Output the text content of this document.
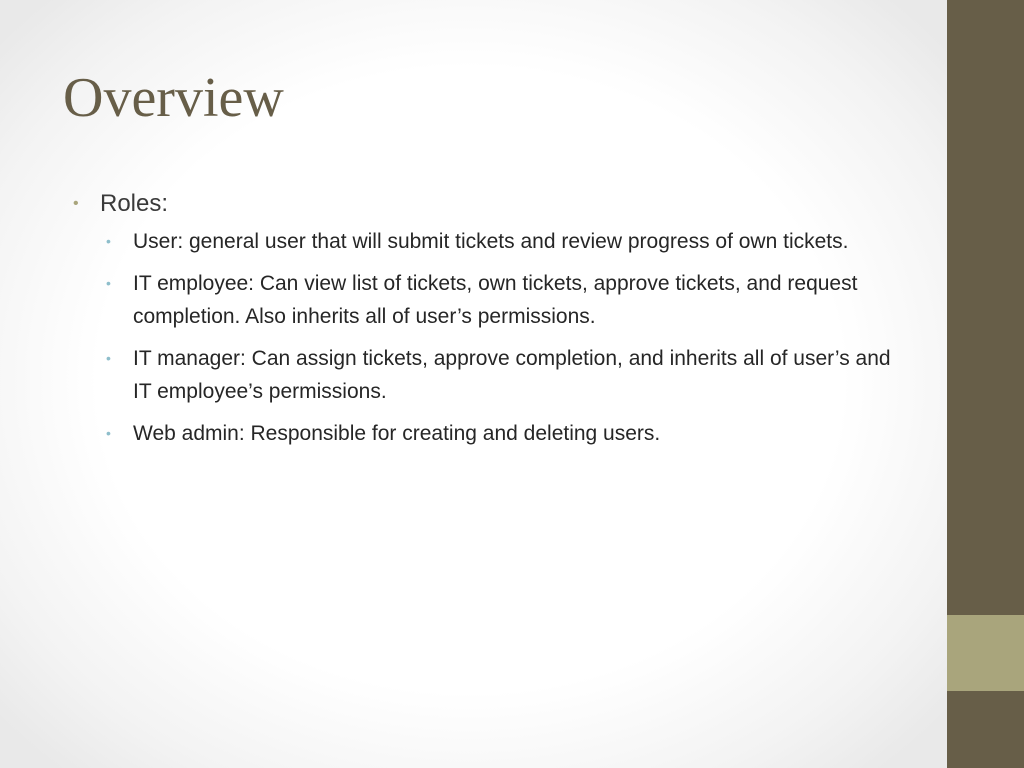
Overview
• Roles:
•	User: general user that will submit tickets and review progress of own tickets.
•	IT employee: Can view list of tickets, own tickets, approve tickets, and request completion. Also inherits all of user’s permissions.
•	IT manager: Can assign tickets, approve completion, and inherits all of user’s and IT employee’s permissions.
•	Web admin: Responsible for creating and deleting users.
